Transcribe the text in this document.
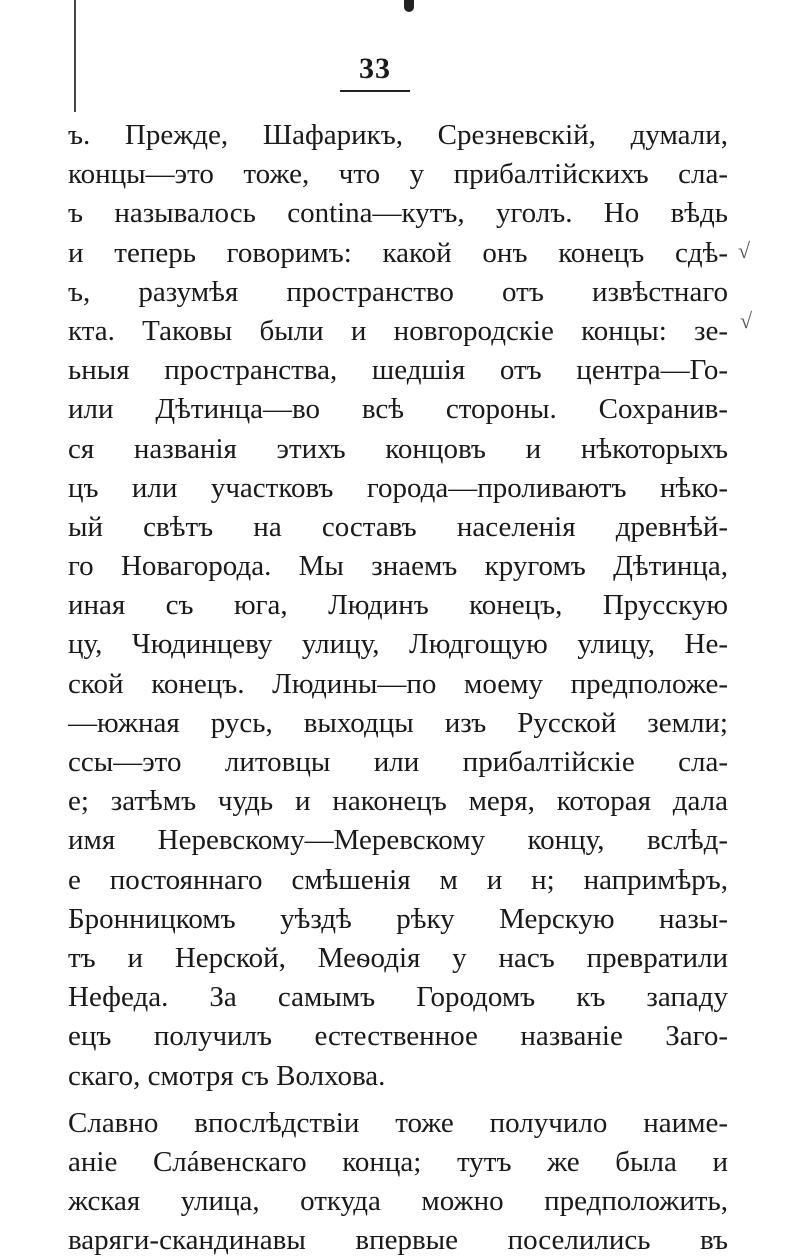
33
ъ. Прежде, Шафарикъ, Срезневскій, думали,
концы—это тоже, что у прибалтійскихъ сла-
ъ называлось contina—кутъ, уголъ. Но вѣдь
и теперь говоримъ: какой онъ конецъ сдѣ-
ъ, разумѣя пространство отъ извѣстнаго
кта. Таковы были и новгородскіе концы: зе-
ьныя пространства, шедшія отъ центра—Го-
или Дѣтинца—во всѣ стороны. Сохранив-
ся названія этихъ концовъ и нѣкоторыхъ
цъ или участковъ города—проливаютъ нѣко-
ый свѣтъ на составъ населенія древнѣй-
го Новагорода. Мы знаемъ кругомъ Дѣтинца,
иная съ юга, Людинъ конецъ, Прусскую
цу, Чюдинцеву улицу, Людгощую улицу, Не-
ской конецъ. Людины—по моему предположе-
—южная русь, выходцы изъ Русской земли;
ссы—это литовцы или прибалтійскіе сла-
е; затѣмъ чудь и наконецъ меря, которая дала
имя Неревскому—Меревскому концу, вслѣд-
е постояннаго смѣшенія м и н; напримѣръ,
Бронницкомъ уѣздѣ рѣку Мерскую назы-
тъ и Нерской, Меѳодія у насъ превратили
Нефеда. За самымъ Городомъ къ западу
ецъ получилъ естественное названіе Заго-
скаго, смотря съ Волхова.
Славно впослѣдствіи тоже получило наиме-
аніе Слáвенскаго конца; тутъ же была и
жская улица, откуда можно предположить,
варяги-скандинавы впервые поселились въ
√
√
